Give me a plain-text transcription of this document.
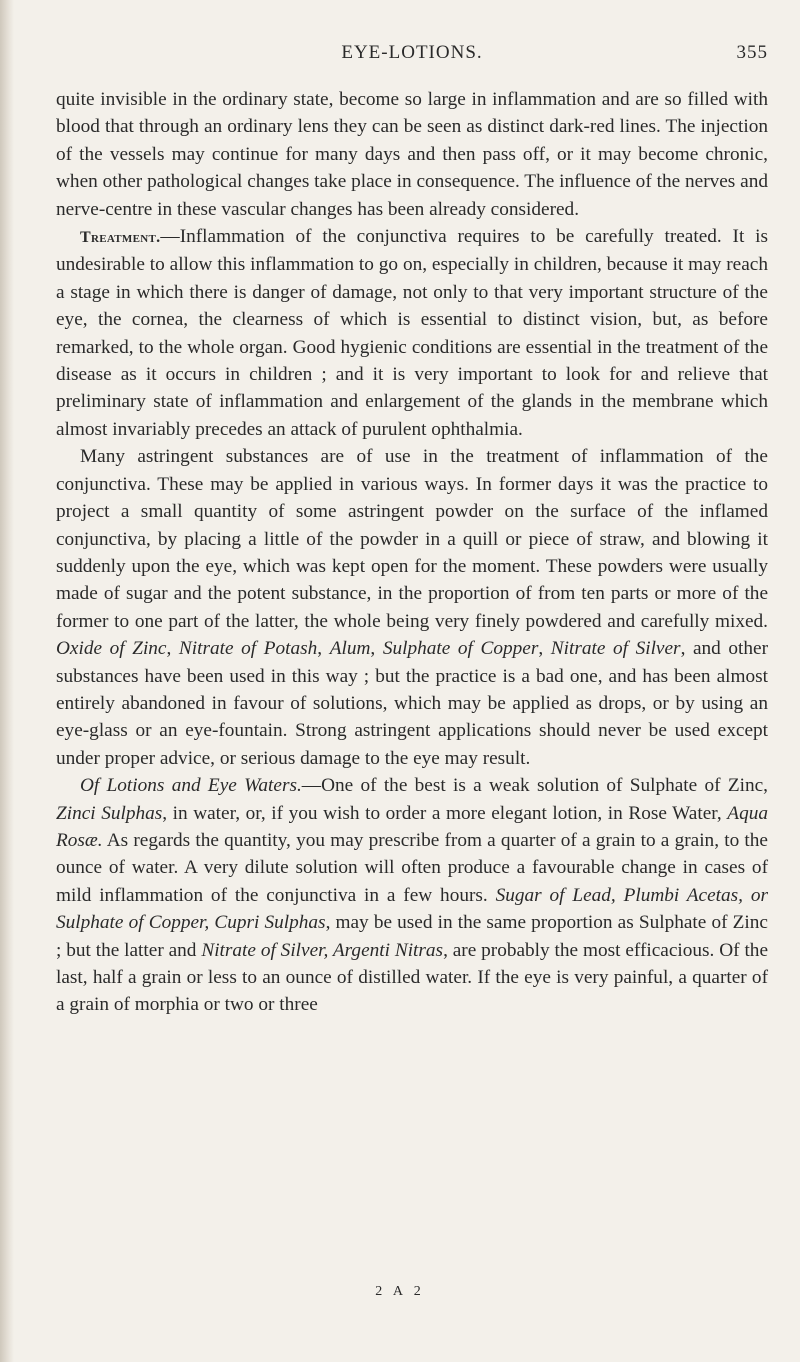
EYE-LOTIONS.	355

quite invisible in the ordinary state, become so large in inflammation and are so filled with blood that through an ordinary lens they can be seen as distinct dark-red lines. The injection of the vessels may continue for many days and then pass off, or it may become chronic, when other pathological changes take place in consequence. The influence of the nerves and nerve-centre in these vascular changes has been already considered.

Treatment.—Inflammation of the conjunctiva requires to be carefully treated. It is undesirable to allow this inflammation to go on, especially in children, because it may reach a stage in which there is danger of damage, not only to that very important structure of the eye, the cornea, the clearness of which is essential to distinct vision, but, as before remarked, to the whole organ. Good hygienic conditions are essential in the treatment of the disease as it occurs in children ; and it is very important to look for and relieve that preliminary state of inflammation and enlargement of the glands in the membrane which almost invariably precedes an attack of purulent ophthalmia.

Many astringent substances are of use in the treatment of inflammation of the conjunctiva. These may be applied in various ways. In former days it was the practice to project a small quantity of some astringent powder on the surface of the inflamed conjunctiva, by placing a little of the powder in a quill or piece of straw, and blowing it suddenly upon the eye, which was kept open for the moment. These powders were usually made of sugar and the potent substance, in the proportion of from ten parts or more of the former to one part of the latter, the whole being very finely powdered and carefully mixed. Oxide of Zinc, Nitrate of Potash, Alum, Sulphate of Copper, Nitrate of Silver, and other substances have been used in this way ; but the practice is a bad one, and has been almost entirely abandoned in favour of solutions, which may be applied as drops, or by using an eye-glass or an eye-fountain. Strong astringent applications should never be used except under proper advice, or serious damage to the eye may result.

Of Lotions and Eye Waters.—One of the best is a weak solution of Sulphate of Zinc, Zinci Sulphas, in water, or, if you wish to order a more elegant lotion, in Rose Water, Aqua Rosæ. As regards the quantity, you may prescribe from a quarter of a grain to a grain, to the ounce of water. A very dilute solution will often produce a favourable change in cases of mild inflammation of the conjunctiva in a few hours. Sugar of Lead, Plumbi Acetas, or Sulphate of Copper, Cupri Sulphas, may be used in the same proportion as Sulphate of Zinc ; but the latter and Nitrate of Silver, Argenti Nitras, are probably the most efficacious. Of the last, half a grain or less to an ounce of distilled water. If the eye is very painful, a quarter of a grain of morphia or two or three

2 A 2
